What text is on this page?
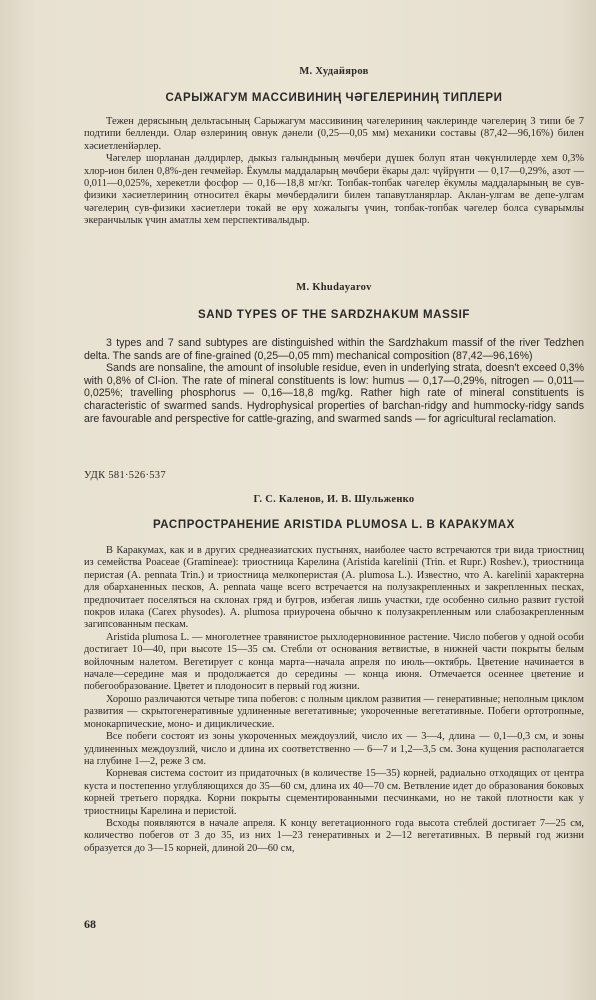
М. Худайяров
САРЫЖАГУМ МАССИВИНИҢ ЧӘГЕЛЕРИНИҢ ТИПЛЕРИ

Тежен дерясының дельтасының Сарыжагум массивиниң чәгелериниң чәклеринде чәгелериң 3 типи бе 7 подтипи белленди. Олар өзлериниң овнук дәнели (0,25—0,05 мм) механики составы (87,42—96,16%) билен хәсиетленйәрлер.

Чәгелер шорланан дәлдирлер, дыкыз галындының мөчбери дүшек болуп ятан чөкүнлилерде хем 0,3% хлор-ион билен 0,8%-ден гечмейәр. Ёкумлы маддаларың мөчбери ёкары дәл: чүйрүнти — 0,17—0,29%, азот — 0,011—0,025%, херекетли фосфор — 0,16—18,8 мг/кг. Топбак-топбак чәгелер ёкумлы маддаларының ве сув-физики хәсиетлериниң относител ёкары мөчбердәлиги билен тапавутланярлар. Аклан-улгам ве депе-улгам чәгелериң сув-физики хәсиетлери токай ве өрү хожалыгы үчин, топбак-топбак чәгелер болса суварымлы экеранчылык үчин аматлы хем перспективалыдыр.

M. Khudayarov
SAND TYPES OF THE SARDZHAKUM MASSIF

3 types and 7 sand subtypes are distinguished within the Sardzhakum massif of the river Tedzhen delta. The sands are of fine-grained (0,25—0,05 mm) mechanical composition (87,42—96,16%)

Sands are nonsaline, the amount of insoluble residue, even in underlying strata, doesn't exceed 0,3% with 0,8% of Cl-ion. The rate of mineral constituents is low: humus — 0,17—0,29%, nitrogen — 0,011—0,025%; travelling phosphorus — 0,16—18,8 mg/kg. Rather high rate of mineral constituents is characteristic of swarmed sands. Hydrophysical properties of barchan-ridgy and hummocky-ridgy sands are favourable and perspective for cattle-grazing, and swarmed sands — for agricultural reclamation.

УДК 581·526·537
Г. С. Каленов, И. В. Шульженко
РАСПРОСТРАНЕНИЕ ARISTIDA PLUMOSA L. В КАРАКУМАХ

В Каракумах, как и в других среднеазиатских пустынях, наиболее часто встречаются три вида триостниц из семейства Poaceae (Gramineae): триостница Карелина (Aristida karelinii (Trin. et Rupr.) Roshev.), триостница перистая (A. pennata Trin.) и триостница мелкоперистая (A. plumosa L.). Известно, что A. karelinii характерна для обарханенных песков, A. pennata чаще всего встречается на полузакрепленных и закрепленных песках, предпочитает поселяться на склонах гряд и бугров, избегая лишь участки, где особенно сильно развит густой покров илака (Carex physodes). A. plumosa приурочена обычно к полузакрепленным или слабозакрепленным загипсованным пескам.

Aristida plumosa L. — многолетнее травянистое рыхлодерновинное растение. Число побегов у одной особи достигает 10—40, при высоте 15—35 см. Стебли от основания ветвистые, в нижней части покрыты белым войлочным налетом. Вегетирует с конца марта—начала апреля по июль—октябрь. Цветение начинается в начале—середине мая и продолжается до середины — конца июня. Отмечается осеннее цветение и побегообразование. Цветет и плодоносит в первый год жизни.

Хорошо различаются четыре типа побегов: с полным циклом развития — генеративные; неполным циклом развития — скрытогенеративные удлиненные вегетативные; укороченные вегетативные. Побеги ортотропные, монокарпические, моно- и дициклические.

Все побеги состоят из зоны укороченных междоузлий, число их — 3—4, длина — 0,1—0,3 см, и зоны удлиненных междоузлий, число и длина их соответственно — 6—7 и 1,2—3,5 см. Зона кущения располагается на глубине 1—2, реже 3 см.

Корневая система состоит из придаточных (в количестве 15—35) корней, радиально отходящих от центра куста и постепенно углубляющихся до 35—60 см, длина их 40—70 см. Ветвление идет до образования боковых корней третьего порядка. Корни покрыты сцементированными песчинками, но не такой плотности как у триостницы Карелина и перистой.

Всходы появляются в начале апреля. К концу вегетационного года высота стеблей достигает 7—25 см, количество побегов от 3 до 35, из них 1—23 генеративных и 2—12 вегетативных. В первый год жизни образуется до 3—15 корней, длиной 20—60 см,

68
